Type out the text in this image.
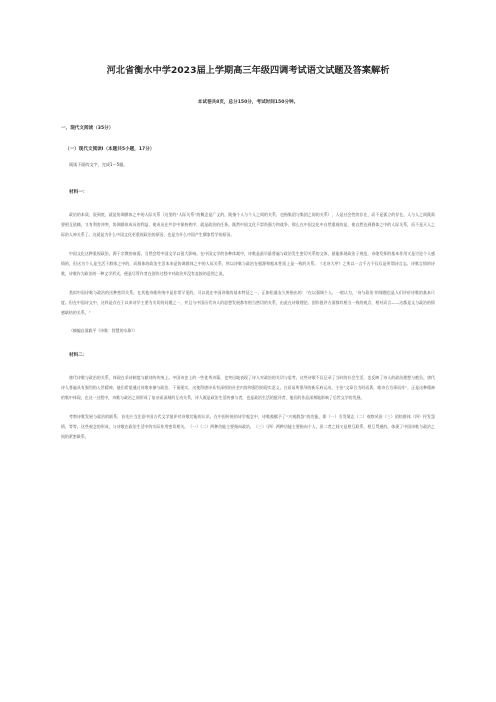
河北省衡水中学2023届上学期高三年级四调考试语文试题及答案解析
本试卷共8页，总分150分，考试时间150分钟。
一、现代文阅读（35分）
（一）现代文阅读Ⅰ（本题共5小题，17分）
阅读下面的文字，完成1～5题。
材料一：

政治的本质，说到底，就是协调群体之中的人际关系（这里的“人际关系”的概念是广义的，既指个人与个人之间的关系，也指集团与集团之间的关系），人是社会性的存在，而不是孤立的存在。人与人之间既需要相互依赖，又有利害冲突，协调群体成员的利益、使成员在共存中保持秩序，就是政治的任务。既然中国文化不崇尚强力和战争，那么在中国文化中自然重视的是，使自然达到群体之中的人际关系，而不是天人之际的人神关系了。这就是为什么中国文化更重视政治的原因，也是为什么中国产生儒家哲学的原因。

中国文化这种重视政治，源于宗教的衰弱。当然会给中国文学以很大影响。在中国文学的各种体裁中，诗歌是最早最普遍与政治发生密切关系的文体，最能体现政治子规范，诗歌发挥的基本作用又是讨论个人感情的，但这为个人是生活于群体之中的，而群体的政治生活本来是协调群体之中的人际关系，所以诗歌与政治在根源和根本性质上是一致的关系。《毛诗大序》之所以一言千古不仅仅是所谓诗言志、诗歌言情的诗歌，诗歌作为政治的一种文学形式，便是尽管作者在创作过程中对政治并没有直接的意图之说。

类似中国诗歌与政治的这种密切关系，在其他诗歌传统中是非常罕见的。可以说在中国诗歌的基本特征之一，正如松浦友久所指出的：“在以强调个人、一般认为，‘诗与政治’的课题也是人们评价诗歌的基本尺度。但在中国诗文中，这样是存在于以来诗学主要为关切的问题之一，并且与中国历代诗人的思想发展都有相当密切的关系，由此在诗歌理论、创作批评方面都有相当一致的观点，相对而言——这都是文与政治的情感联结的关系。”

（摘编自邵毅平《诗歌：智慧的水珠》）
材料二：

唐代诗歌与政治的关系，体现在采诗制度与献诗的传统上。中国诗史上的一些优秀诗篇，也突出地表现了诗人对政治的关切与思考。这些诗歌不仅记录了当时的社会生活，也反映了诗人的政治理想与抱负。唐代诗人普遍具有强烈的入世精神，他们希望通过诗歌来参与政治、干预现实，这使得唐诗具有深厚的社会内容和强烈的现实意义。白居易所倡导的新乐府运动，主张“文章合为时而著，歌诗合为事而作”，正是这种精神的集中体现。在这一过程中，诗歌与政治之间形成了复杂而深刻的互动关系，诗人既是政治生活的参与者，也是政治生活的批评者，他们的作品深刻地影响了后世文学的发展。

考察诗歌发展与政治的联系，首先应当注意中国古代文学批评对诗歌功能的认识。在中国传统的诗学观念中，诗歌被赋予了“兴观群怨”的功能，即（一）引发情志（二）观察风俗（三）团结群体（四）抒发怨情，等等。这些观念的形成，与诗歌在政治生活中的实际作用密切相关。（一）（二）两种功能主要指向政治，（三）（四）两种功能主要指向个人，但二者之间又是相互联系、相互贯通的，体现了中国诗歌与政治之间的紧密联系。
